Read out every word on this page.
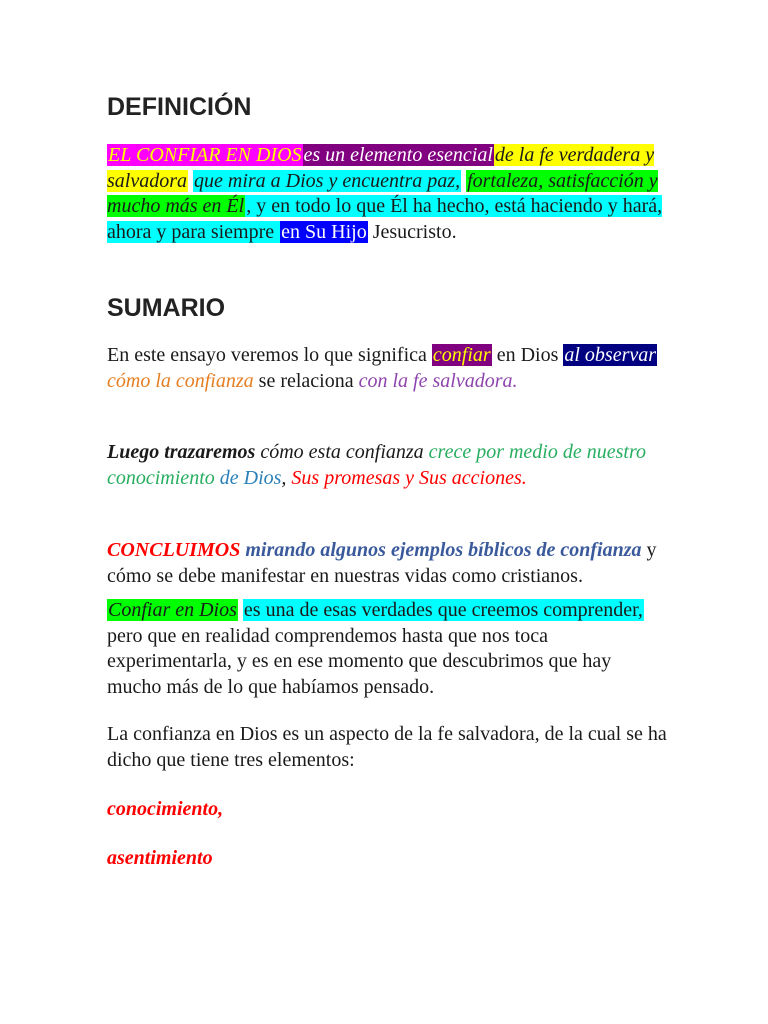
DEFINICIÓN

EL CONFIAR EN DIOS es un elemento esencial de la fe verdadera y salvadora que mira a Dios y encuentra paz, fortaleza, satisfacción y mucho más en Él , y en todo lo que Él ha hecho, está haciendo y hará, ahora y para siempre en Su Hijo Jesucristo.

SUMARIO

En este ensayo veremos lo que significa confiar en Dios al observar cómo la confianza se relaciona con la fe salvadora.

Luego trazaremos cómo esta confianza crece por medio de nuestro conocimiento de Dios, Sus promesas y Sus acciones.

CONCLUIMOS mirando algunos ejemplos bíblicos de confianza y cómo se debe manifestar en nuestras vidas como cristianos.

Confiar en Dios es una de esas verdades que creemos comprender, pero que en realidad comprendemos hasta que nos toca experimentarla, y es en ese momento que descubrimos que hay mucho más de lo que habíamos pensado.

La confianza en Dios es un aspecto de la fe salvadora, de la cual se ha dicho que tiene tres elementos:

conocimiento,

asentimiento
